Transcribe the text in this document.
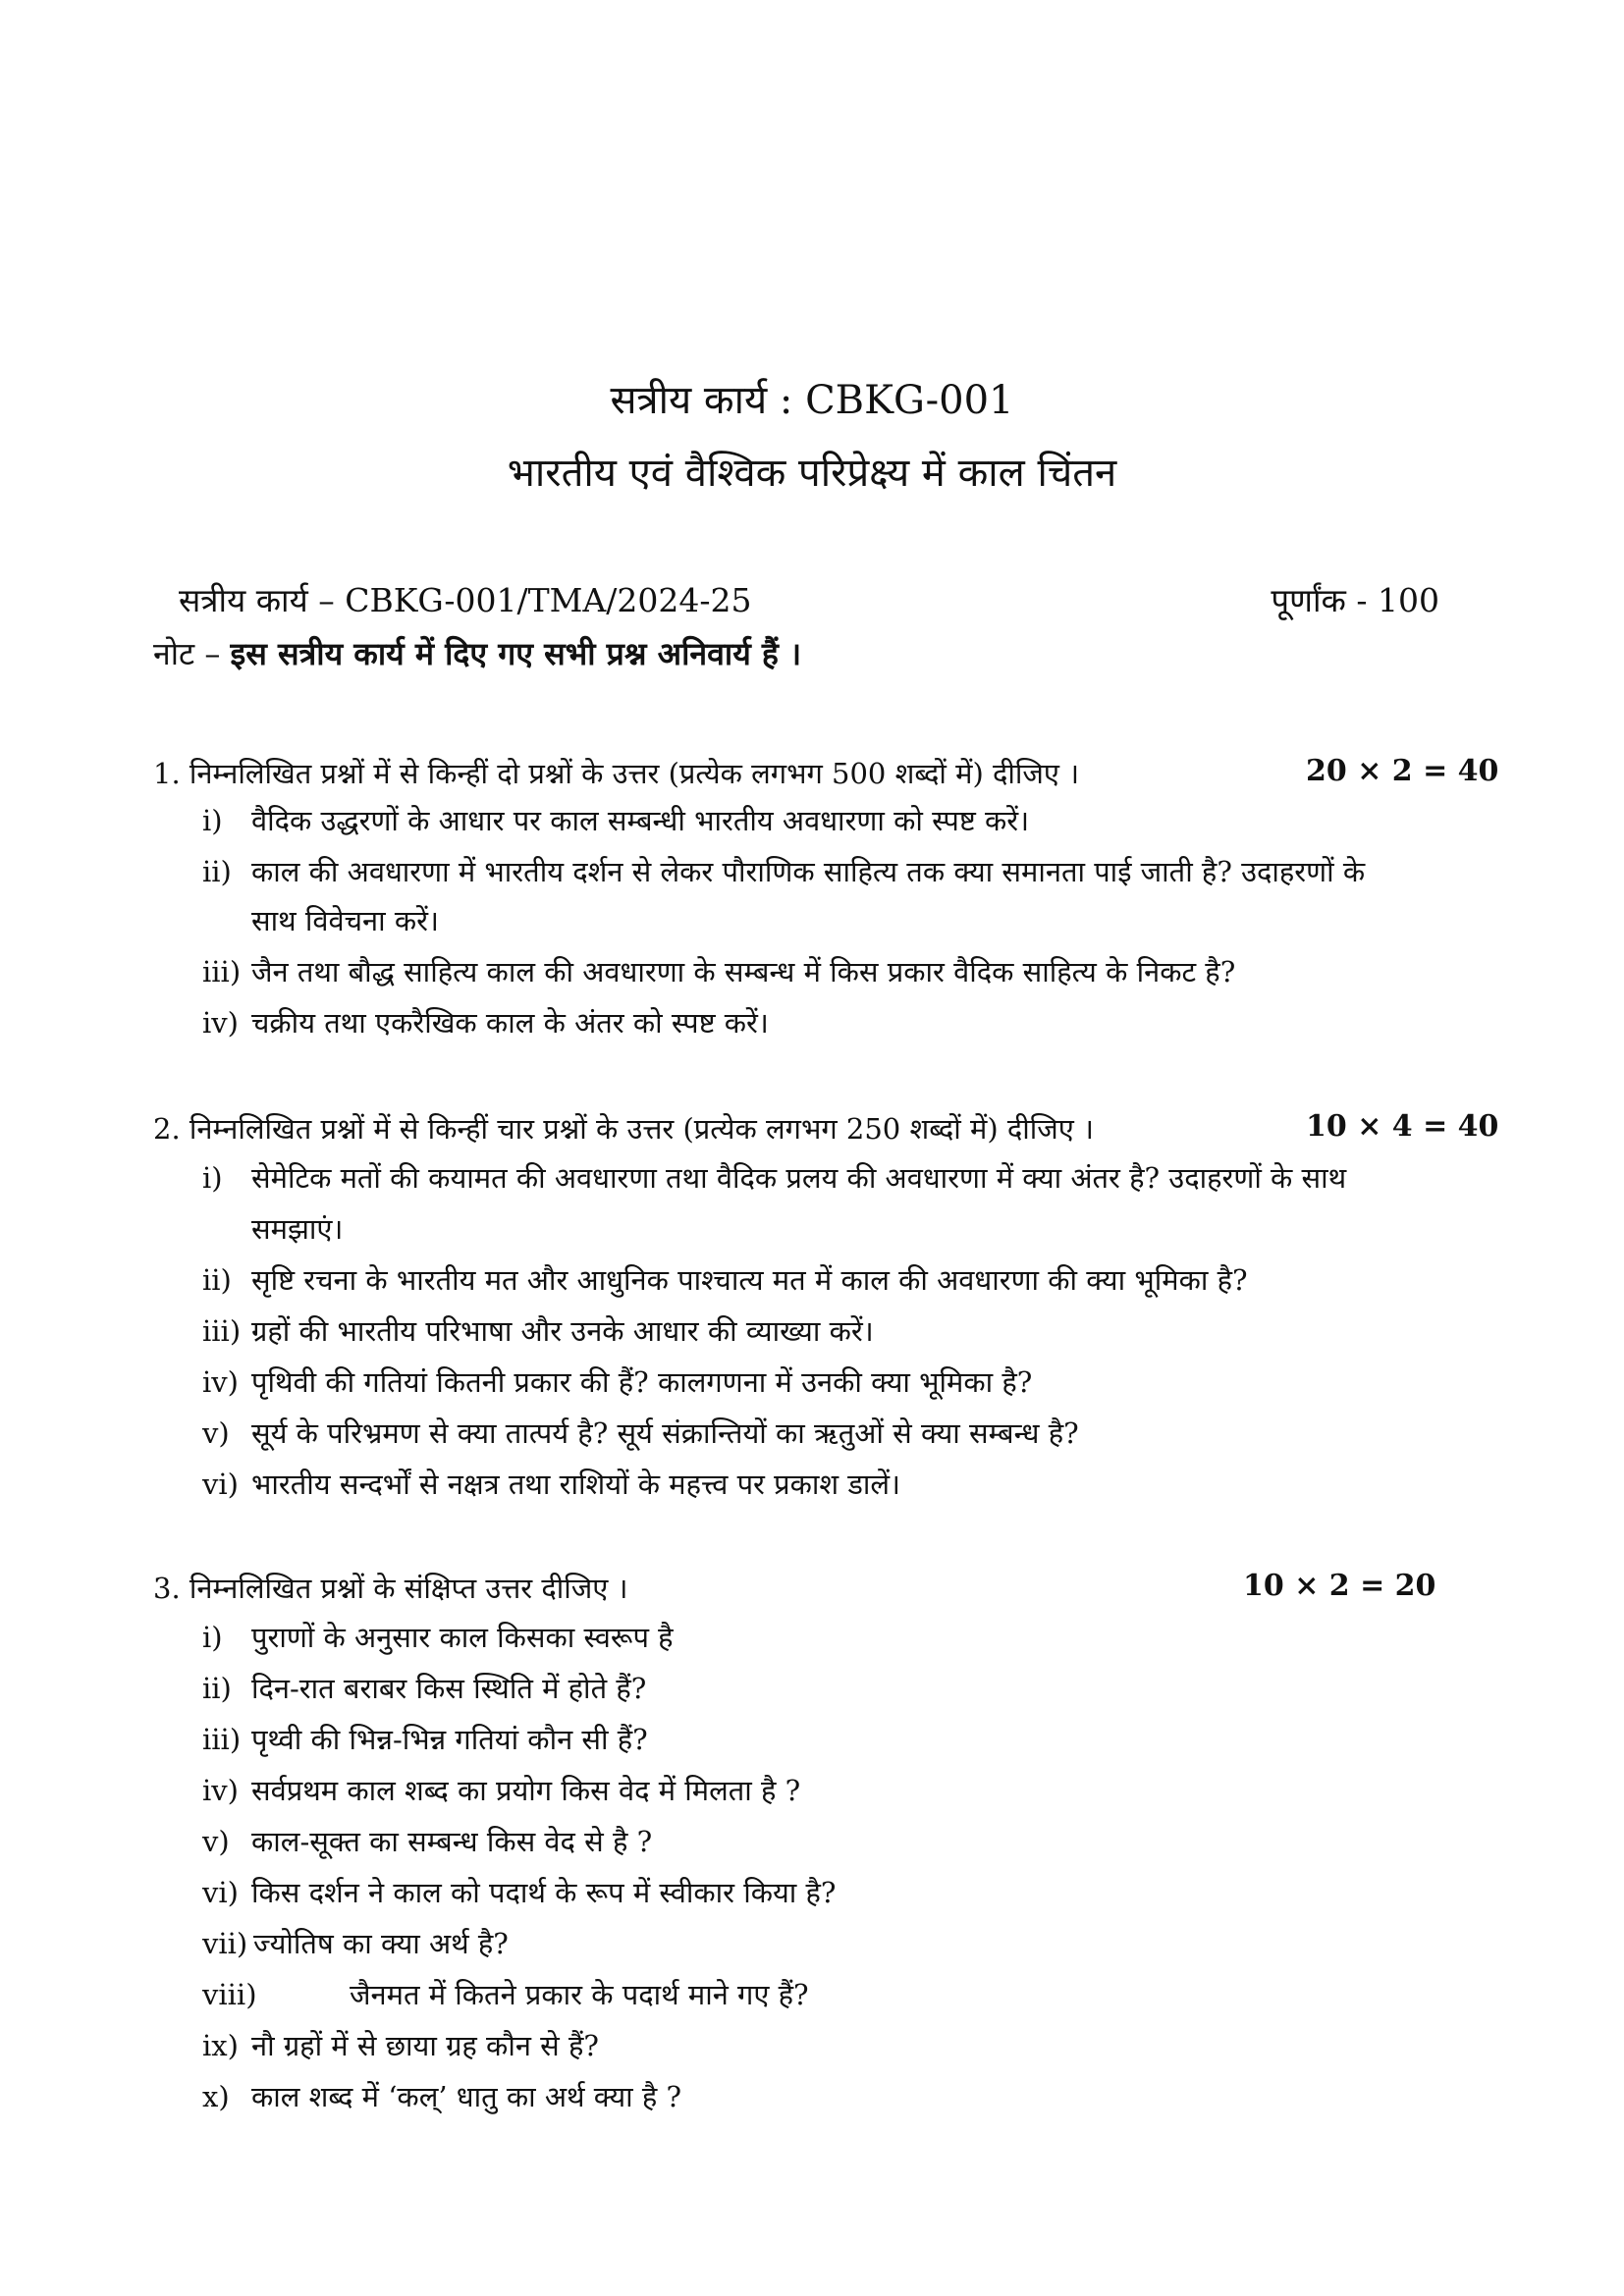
सत्रीय कार्य : CBKG-001
भारतीय एवं वैश्विक परिप्रेक्ष्य में काल चिंतन
सत्रीय कार्य – CBKG-001/TMA/2024-25	पूर्णांक - 100
नोट – इस सत्रीय कार्य में दिए गए सभी प्रश्न अनिवार्य हैं ।
1. निम्नलिखित प्रश्नों में से किन्हीं दो प्रश्नों के उत्तर (प्रत्येक लगभग 500 शब्दों में) दीजिए ।	20 × 2 = 40
i) वैदिक उद्धरणों के आधार पर काल सम्बन्धी भारतीय अवधारणा को स्पष्ट करें।
ii) काल की अवधारणा में भारतीय दर्शन से लेकर पौराणिक साहित्य तक क्या समानता पाई जाती है? उदाहरणों के
साथ विवेचना करें।
iii) जैन तथा बौद्ध साहित्य काल की अवधारणा के सम्बन्ध में किस प्रकार वैदिक साहित्य के निकट है?
iv) चक्रीय तथा एकरैखिक काल के अंतर को स्पष्ट करें।
2. निम्नलिखित प्रश्नों में से किन्हीं चार प्रश्नों के उत्तर (प्रत्येक लगभग 250 शब्दों में) दीजिए ।	10 × 4 = 40
i) सेमेटिक मतों की कयामत की अवधारणा तथा वैदिक प्रलय की अवधारणा में क्या अंतर है? उदाहरणों के साथ
समझाएं।
ii) सृष्टि रचना के भारतीय मत और आधुनिक पाश्चात्य मत में काल की अवधारणा की क्या भूमिका है?
iii) ग्रहों की भारतीय परिभाषा और उनके आधार की व्याख्या करें।
iv) पृथिवी की गतियां कितनी प्रकार की हैं? कालगणना में उनकी क्या भूमिका है?
v) सूर्य के परिभ्रमण से क्या तात्पर्य है? सूर्य संक्रान्तियों का ऋतुओं से क्या सम्बन्ध है?
vi) भारतीय सन्दर्भों से नक्षत्र तथा राशियों के महत्त्व पर प्रकाश डालें।
3. निम्नलिखित प्रश्नों के संक्षिप्त उत्तर दीजिए ।	10 × 2 = 20
i) पुराणों के अनुसार काल किसका स्वरूप है
ii) दिन-रात बराबर किस स्थिति में होते हैं?
iii) पृथ्वी की भिन्न-भिन्न गतियां कौन सी हैं?
iv) सर्वप्रथम काल शब्द का प्रयोग किस वेद में मिलता है ?
v) काल-सूक्त का सम्बन्ध किस वेद से है ?
vi) किस दर्शन ने काल को पदार्थ के रूप में स्वीकार किया है?
vii) ज्योतिष का क्या अर्थ है?
viii)	जैनमत में कितने प्रकार के पदार्थ माने गए हैं?
ix) नौ ग्रहों में से छाया ग्रह कौन से हैं?
x) काल शब्द में ‘कल्’ धातु का अर्थ क्या है ?
